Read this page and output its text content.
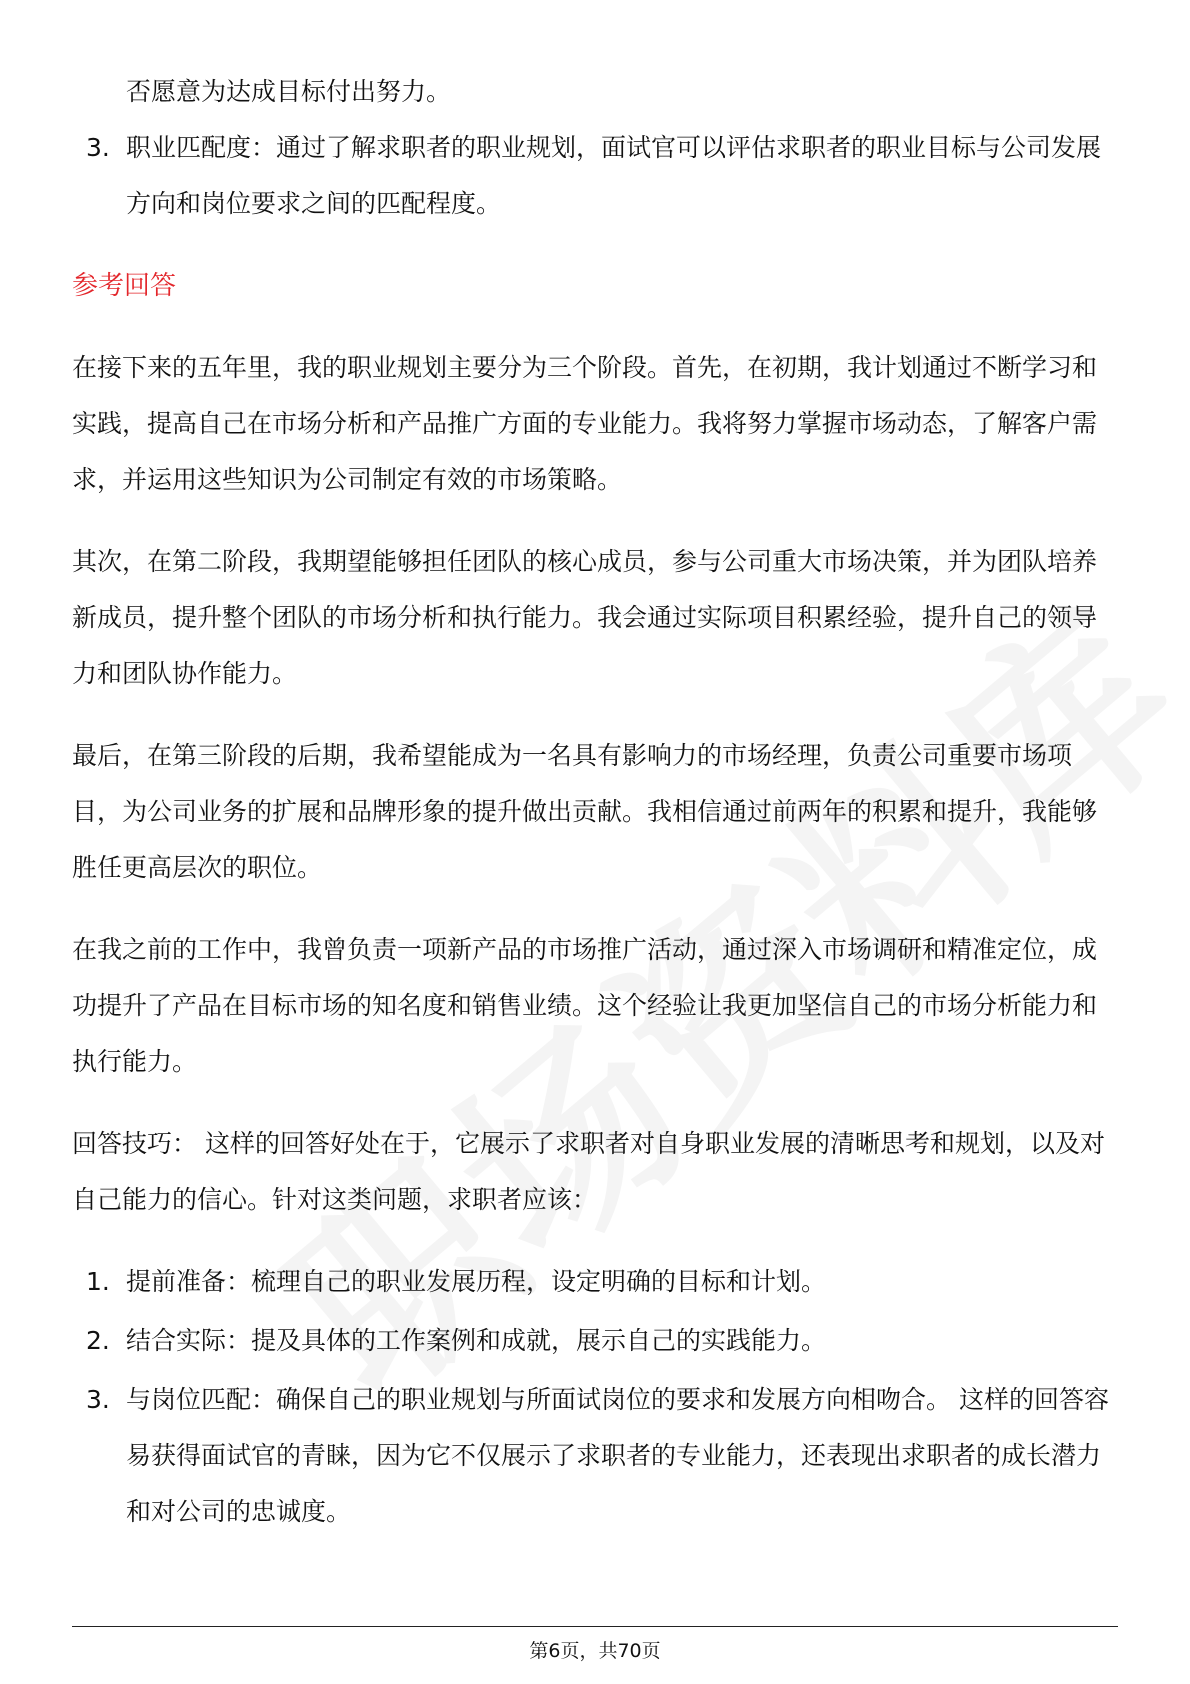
否愿意为达成目标付出努力。
3. 职业匹配度：通过了解求职者的职业规划，面试官可以评估求职者的职业目标与公司发展方向和岗位要求之间的匹配程度。
参考回答

在接下来的五年里，我的职业规划主要分为三个阶段。首先，在初期，我计划通过不断学习和实践，提高自己在市场分析和产品推广方面的专业能力。我将努力掌握市场动态，了解客户需求，并运用这些知识为公司制定有效的市场策略。

其次，在第二阶段，我期望能够担任团队的核心成员，参与公司重大市场决策，并为团队培养新成员，提升整个团队的市场分析和执行能力。我会通过实际项目积累经验，提升自己的领导力和团队协作能力。

最后，在第三阶段的后期，我希望能成为一名具有影响力的市场经理，负责公司重要市场项目，为公司业务的扩展和品牌形象的提升做出贡献。我相信通过前两年的积累和提升，我能够胜任更高层次的职位。

在我之前的工作中，我曾负责一项新产品的市场推广活动，通过深入市场调研和精准定位，成功提升了产品在目标市场的知名度和销售业绩。这个经验让我更加坚信自己的市场分析能力和执行能力。

回答技巧： 这样的回答好处在于，它展示了求职者对自身职业发展的清晰思考和规划，以及对自己能力的信心。针对这类问题，求职者应该：

1. 提前准备：梳理自己的职业发展历程，设定明确的目标和计划。
2. 结合实际：提及具体的工作案例和成就，展示自己的实践能力。
3. 与岗位匹配：确保自己的职业规划与所面试岗位的要求和发展方向相吻合。 这样的回答容易获得面试官的青睐，因为它不仅展示了求职者的专业能力，还表现出求职者的成长潜力和对公司的忠诚度。
第6页，共70页
